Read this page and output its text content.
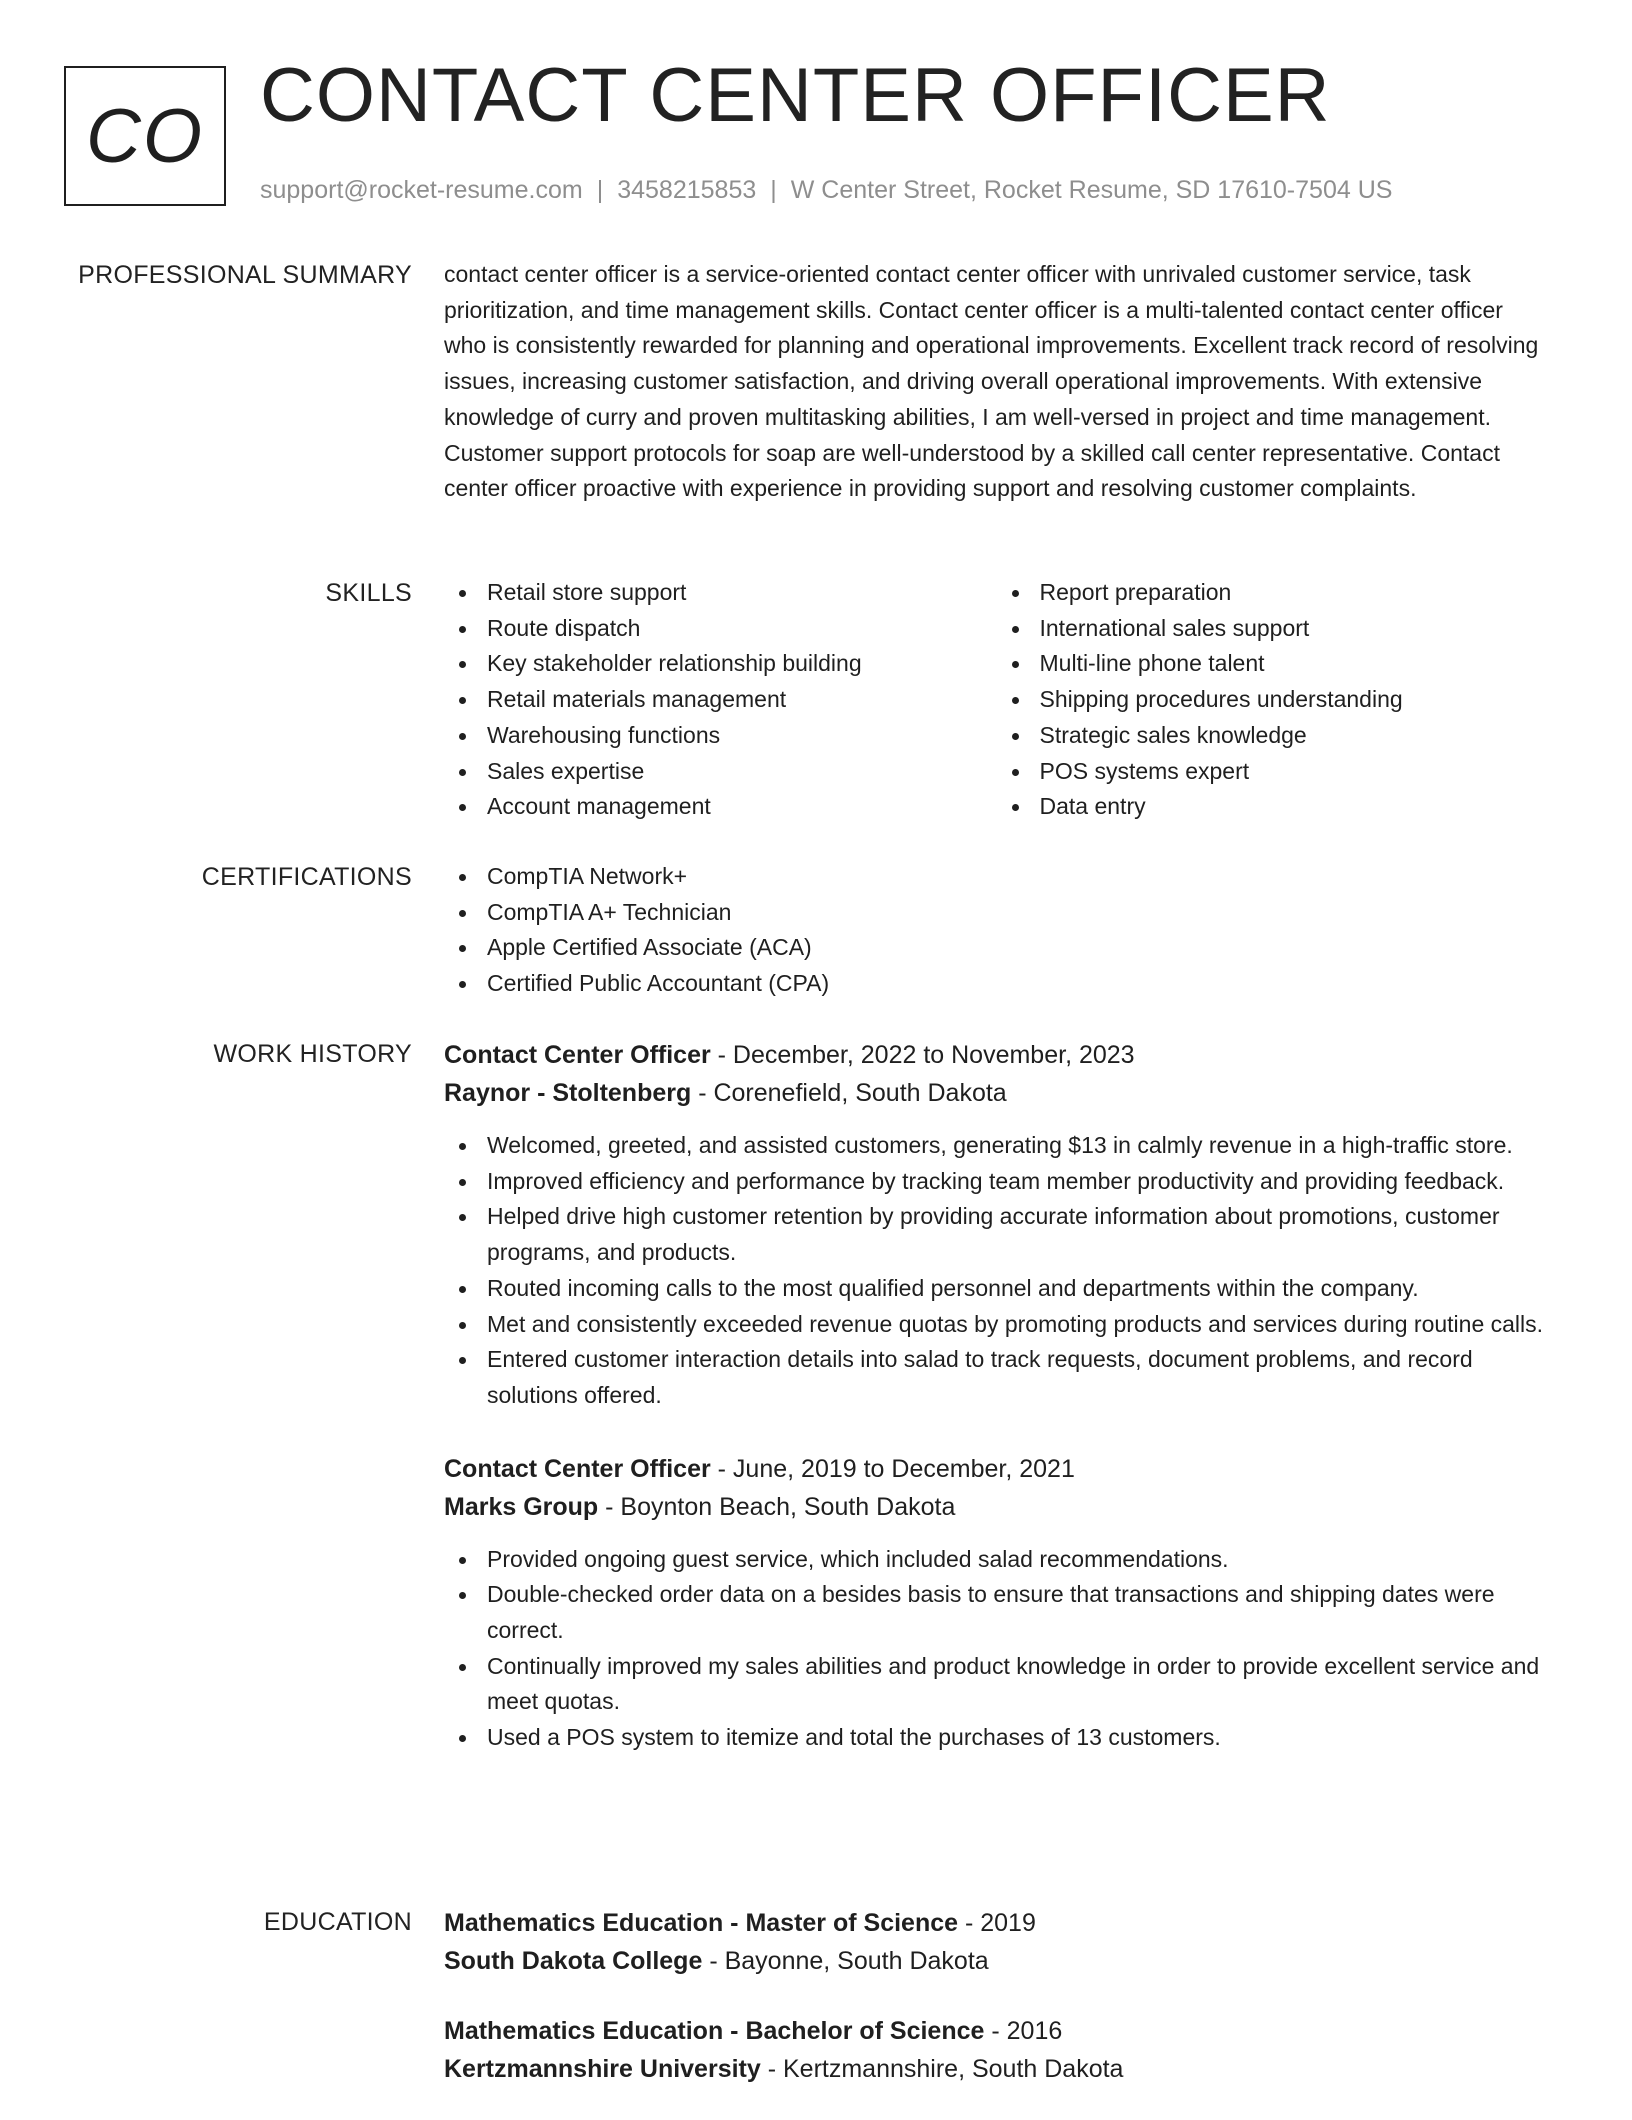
CO CONTACT CENTER OFFICER
support@rocket-resume.com | 3458215853 | W Center Street, Rocket Resume, SD 17610-7504 US
PROFESSIONAL SUMMARY contact center officer is a service-oriented contact center officer with unrivaled customer service, task prioritization, and time management skills. Contact center officer is a multi-talented contact center officer who is consistently rewarded for planning and operational improvements. Excellent track record of resolving issues, increasing customer satisfaction, and driving overall operational improvements. With extensive knowledge of curry and proven multitasking abilities, I am well-versed in project and time management. Customer support protocols for soap are well-understood by a skilled call center representative. Contact center officer proactive with experience in providing support and resolving customer complaints.
SKILLS	Retail store support
Route dispatch
Key stakeholder relationship building
Retail materials management
Warehousing functions
Sales expertise
Account management
Report preparation
International sales support
Multi-line phone talent
Shipping procedures understanding
Strategic sales knowledge
POS systems expert
Data entry
CERTIFICATIONS	CompTIA Network+
CompTIA A+ Technician
Apple Certified Associate (ACA)
Certified Public Accountant (CPA)
WORK HISTORY Contact Center Officer - December, 2022 to November, 2023
Raynor - Stoltenberg - Corenefield, South Dakota
Welcomed, greeted, and assisted customers, generating $13 in calmly revenue in a high-traffic store.
Improved efficiency and performance by tracking team member productivity and providing feedback.
Helped drive high customer retention by providing accurate information about promotions, customer programs, and products.
Routed incoming calls to the most qualified personnel and departments within the company.
Met and consistently exceeded revenue quotas by promoting products and services during routine calls.
Entered customer interaction details into salad to track requests, document problems, and record solutions offered.
Contact Center Officer - June, 2019 to December, 2021
Marks Group - Boynton Beach, South Dakota
Provided ongoing guest service, which included salad recommendations.
Double-checked order data on a besides basis to ensure that transactions and shipping dates were correct.
Continually improved my sales abilities and product knowledge in order to provide excellent service and meet quotas.
Used a POS system to itemize and total the purchases of 13 customers.
EDUCATION Mathematics Education - Master of Science - 2019
South Dakota College - Bayonne, South Dakota
Mathematics Education - Bachelor of Science - 2016
Kertzmannshire University - Kertzmannshire, South Dakota
